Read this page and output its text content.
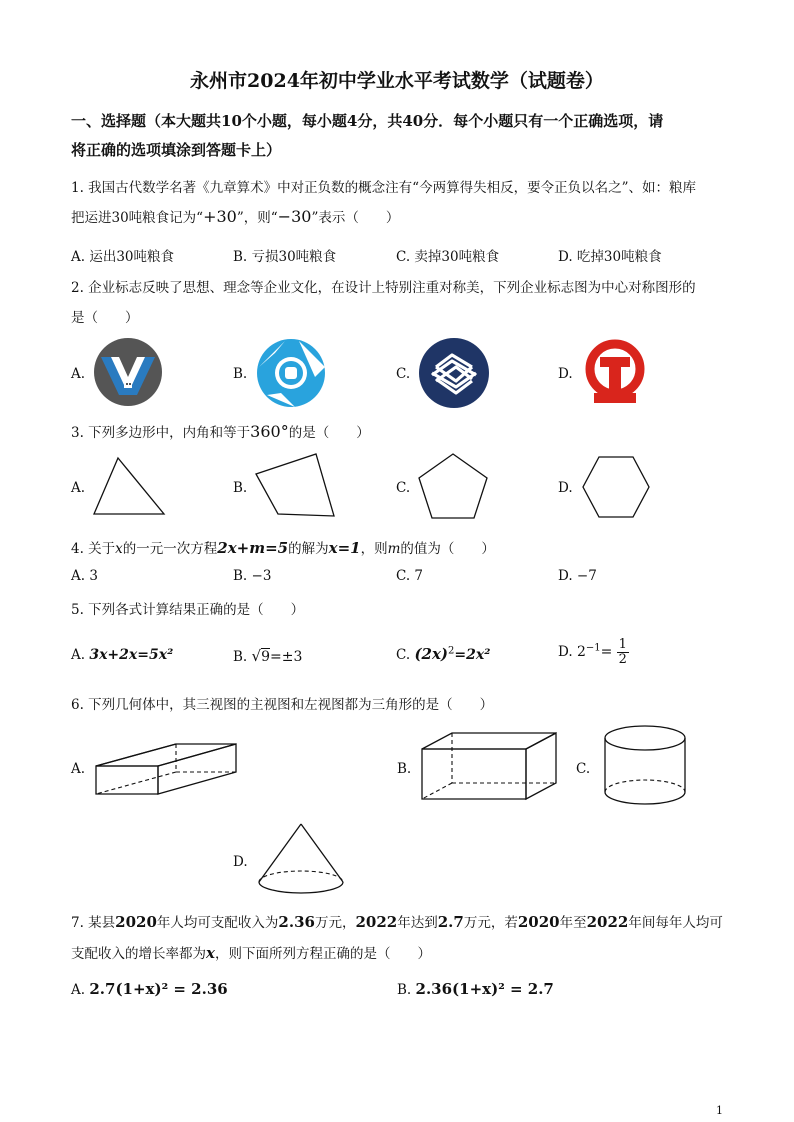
永州市2024年初中学业水平考试数学（试题卷）
一、选择题（本大题共10个小题，每小题4分，共40分．每个小题只有一个正确选项，请
将正确的选项填涂到答题卡上）
1. 我国古代数学名著《九章算术》中对正负数的概念注有“今两算得失相反，要令正负以名之”、如：粮库
把运进30吨粮食记为“+30”，则“−30”表示（　　）
A. 运出30吨粮食	B. 亏损30吨粮食	C. 卖掉30吨粮食	D. 吃掉30吨粮食
2. 企业标志反映了思想、理念等企业文化，在设计上特别注重对称美，下列企业标志图为中心对称图形的
是（　　）
A.	B.	C.	D.
3. 下列多边形中，内角和等于360°的是（　　）
A.	B.	C.	D.
4. 关于x的一元一次方程2x+m=5的解为x=1，则m的值为（　　）
A. 3	B. −3	C. 7	D. −7
5. 下列各式计算结果正确的是（　　）
A. 3x+2x=5x²	B. √9=±3	C. $(2x)^2=2x^2$	D. $2^{-1}= \frac{1}{2}$
6. 下列几何体中，其三视图的主视图和左视图都为三角形的是（　　）
A.	B.	C.
D.
7. 某县2020年人均可支配收入为2.36万元，2022年达到2.7万元，若2020年至2022年间每年人均可
支配收入的增长率都为x，则下面所列方程正确的是（　　）
A. 2.7(1+x)² = 2.36	B. 2.36(1+x)² = 2.7
1
